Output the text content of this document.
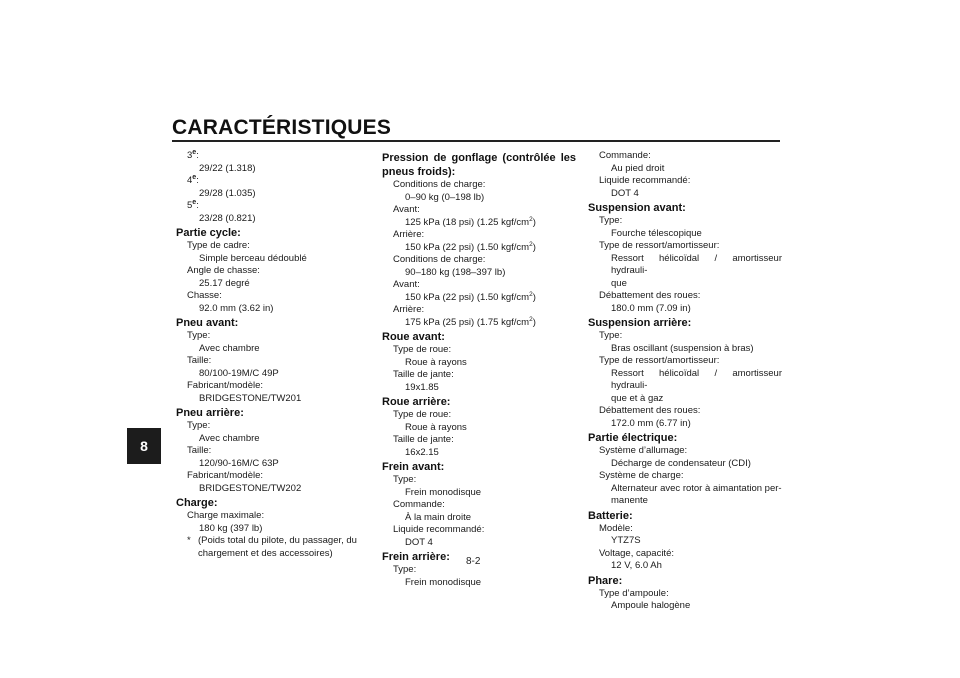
CARACTÉRISTIQUES
8
8-2
3e:
29/22 (1.318)
4e:
29/28 (1.035)
5e:
23/28 (0.821)
Partie cycle:
Type de cadre:
Simple berceau dédoublé
Angle de chasse:
25.17 degré
Chasse:
92.0 mm (3.62 in)
Pneu avant:
Type:
Avec chambre
Taille:
80/100-19M/C 49P
Fabricant/modèle:
BRIDGESTONE/TW201
Pneu arrière:
Type:
Avec chambre
Taille:
120/90-16M/C 63P
Fabricant/modèle:
BRIDGESTONE/TW202
Charge:
Charge maximale:
180 kg (397 lb)
* (Poids total du pilote, du passager, du
chargement et des accessoires)
Pression de gonflage (contrôlée les pneus froids):
Conditions de charge:
0–90 kg (0–198 lb)
Avant:
125 kPa (18 psi) (1.25 kgf/$cm^2$)
Arrière:
150 kPa (22 psi) (1.50 kgf/$cm^2$)
Conditions de charge:
90–180 kg (198–397 lb)
Avant:
150 kPa (22 psi) (1.50 kgf/$cm^2$)
Arrière:
175 kPa (25 psi) (1.75 kgf/$cm^2$)
Roue avant:
Type de roue:
Roue à rayons
Taille de jante:
19x1.85
Roue arrière:
Type de roue:
Roue à rayons
Taille de jante:
16x2.15
Frein avant:
Type:
Frein monodisque
Commande:
À la main droite
Liquide recommandé:
DOT 4
Frein arrière:
Type:
Frein monodisque
Commande:
Au pied droit
Liquide recommandé:
DOT 4
Suspension avant:
Type:
Fourche télescopique
Type de ressort/amortisseur:
Ressort hélicoïdal / amortisseur hydrauli-
que
Débattement des roues:
180.0 mm (7.09 in)
Suspension arrière:
Type:
Bras oscillant (suspension à bras)
Type de ressort/amortisseur:
Ressort hélicoïdal / amortisseur hydrauli-
que et à gaz
Débattement des roues:
172.0 mm (6.77 in)
Partie électrique:
Système d’allumage:
Décharge de condensateur (CDI)
Système de charge:
Alternateur avec rotor à aimantation per-
manente
Batterie:
Modèle:
YTZ7S
Voltage, capacité:
12 V, 6.0 Ah
Phare:
Type d’ampoule:
Ampoule halogène
